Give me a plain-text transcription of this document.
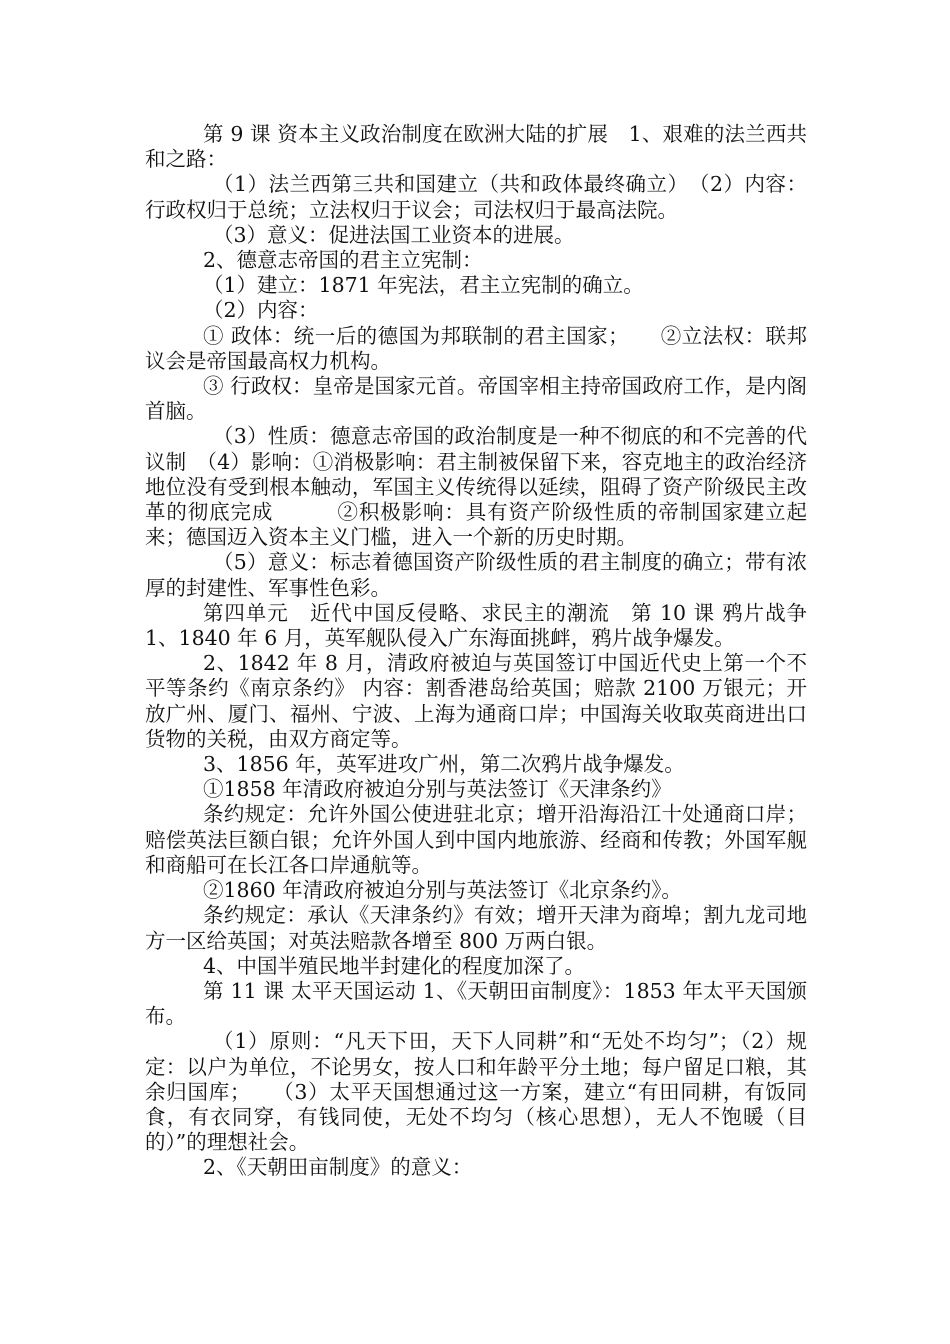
第 9 课 资本主义政治制度在欧洲大陆的扩展　1、艰难的法兰西共和之路：

（1）法兰西第三共和国建立（共和政体最终确立）　（2）内容：行政权归于总统；立法权归于议会；司法权归于最高法院。

（3）意义：促进法国工业资本的进展。

2、德意志帝国的君主立宪制：

（1）建立：1871 年宪法，君主立宪制的确立。

（2）内容：

① 政体：统一后的德国为邦联制的君主国家；　　②立法权：联邦议会是帝国最高权力机构。

③ 行政权：皇帝是国家元首。帝国宰相主持帝国政府工作，是内阁首脑。

（3）性质：德意志帝国的政治制度是一种不彻底的和不完善的代议制　（4）影响：①消极影响：君主制被保留下来，容克地主的政治经济地位没有受到根本触动，军国主义传统得以延续，阻碍了资产阶级民主改革的彻底完成　　　②积极影响：具有资产阶级性质的帝制国家建立起来；德国迈入资本主义门槛，进入一个新的历史时期。

（5）意义：标志着德国资产阶级性质的君主制度的确立；带有浓厚的封建性、军事性色彩。

第四单元　近代中国反侵略、求民主的潮流　第 10 课 鸦片战争 1、1840 年 6 月，英军舰队侵入广东海面挑衅，鸦片战争爆发。

2、1842 年 8 月，清政府被迫与英国签订中国近代史上第一个不平等条约《南京条约》 内容：割香港岛给英国；赔款 2100 万银元；开放广州、厦门、福州、宁波、上海为通商口岸；中国海关收取英商进出口货物的关税，由双方商定等。

3、1856 年，英军进攻广州，第二次鸦片战争爆发。

①1858 年清政府被迫分别与英法签订《天津条约》

条约规定：允许外国公使进驻北京；增开沿海沿江十处通商口岸；赔偿英法巨额白银；允许外国人到中国内地旅游、经商和传教；外国军舰和商船可在长江各口岸通航等。

②1860 年清政府被迫分别与英法签订《北京条约》。

条约规定：承认《天津条约》有效；增开天津为商埠；割九龙司地方一区给英国；对英法赔款各增至 800 万两白银。

4、中国半殖民地半封建化的程度加深了。

第 11 课 太平天国运动 1、《天朝田亩制度》：1853 年太平天国颁布。

（1）原则：“凡天下田，天下人同耕”和“无处不均匀”；（2）规定：以户为单位，不论男女，按人口和年龄平分土地；每户留足口粮，其余归国库；　　（3）太平天国想通过这一方案，建立“有田同耕，有饭同食，有衣同穿，有钱同使，无处不均匀（核心思想），无人不饱暖（目的）”的理想社会。

2、《天朝田亩制度》的意义：
